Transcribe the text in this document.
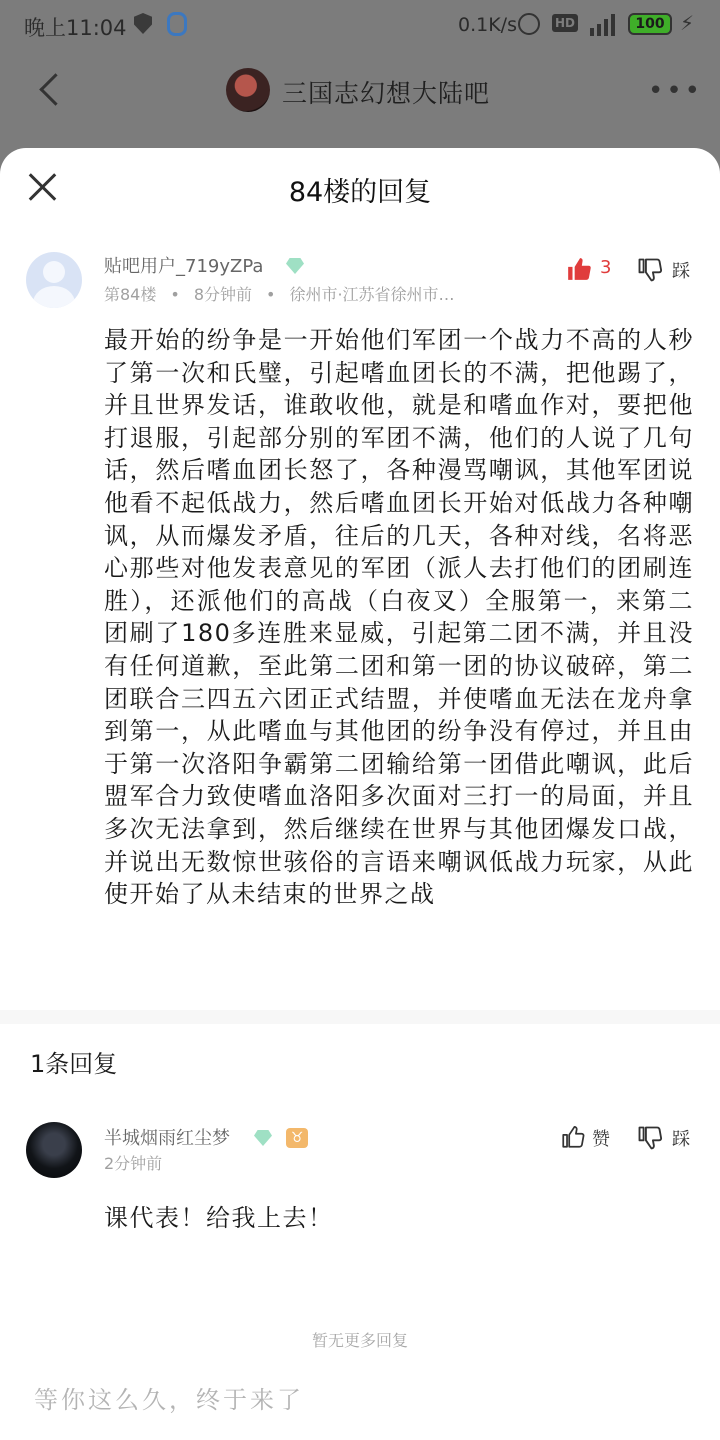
晚上11:04	0.1K/s	HD	100 ⚡
三国志幻想大陆吧	•••
84楼的回复
贴吧用户_719yZPa
第84楼 • 8分钟前 • 徐州市·江苏省徐州市…
3	踩
最开始的纷争是一开始他们军团一个战力不高的人秒了第一次和氏璧，引起嗜血团长的不满，把他踢了，并且世界发话，谁敢收他，就是和嗜血作对，要把他打退服，引起部分别的军团不满，他们的人说了几句话，然后嗜血团长怒了，各种漫骂嘲讽，其他军团说他看不起低战力，然后嗜血团长开始对低战力各种嘲讽，从而爆发矛盾，往后的几天，各种对线，名将恶心那些对他发表意见的军团（派人去打他们的团刷连胜），还派他们的高战（白夜叉）全服第一，来第二团刷了180多连胜来显威，引起第二团不满，并且没有任何道歉，至此第二团和第一团的协议破碎，第二团联合三四五六团正式结盟，并使嗜血无法在龙舟拿到第一，从此嗜血与其他团的纷争没有停过，并且由于第一次洛阳争霸第二团输给第一团借此嘲讽，此后盟军合力致使嗜血洛阳多次面对三打一的局面，并且多次无法拿到，然后继续在世界与其他团爆发口战，并说出无数惊世骇俗的言语来嘲讽低战力玩家，从此使开始了从未结束的世界之战
1条回复
半城烟雨红尘梦	♉
2分钟前
赞	踩
课代表！给我上去！
暂无更多回复
等你这么久，终于来了
